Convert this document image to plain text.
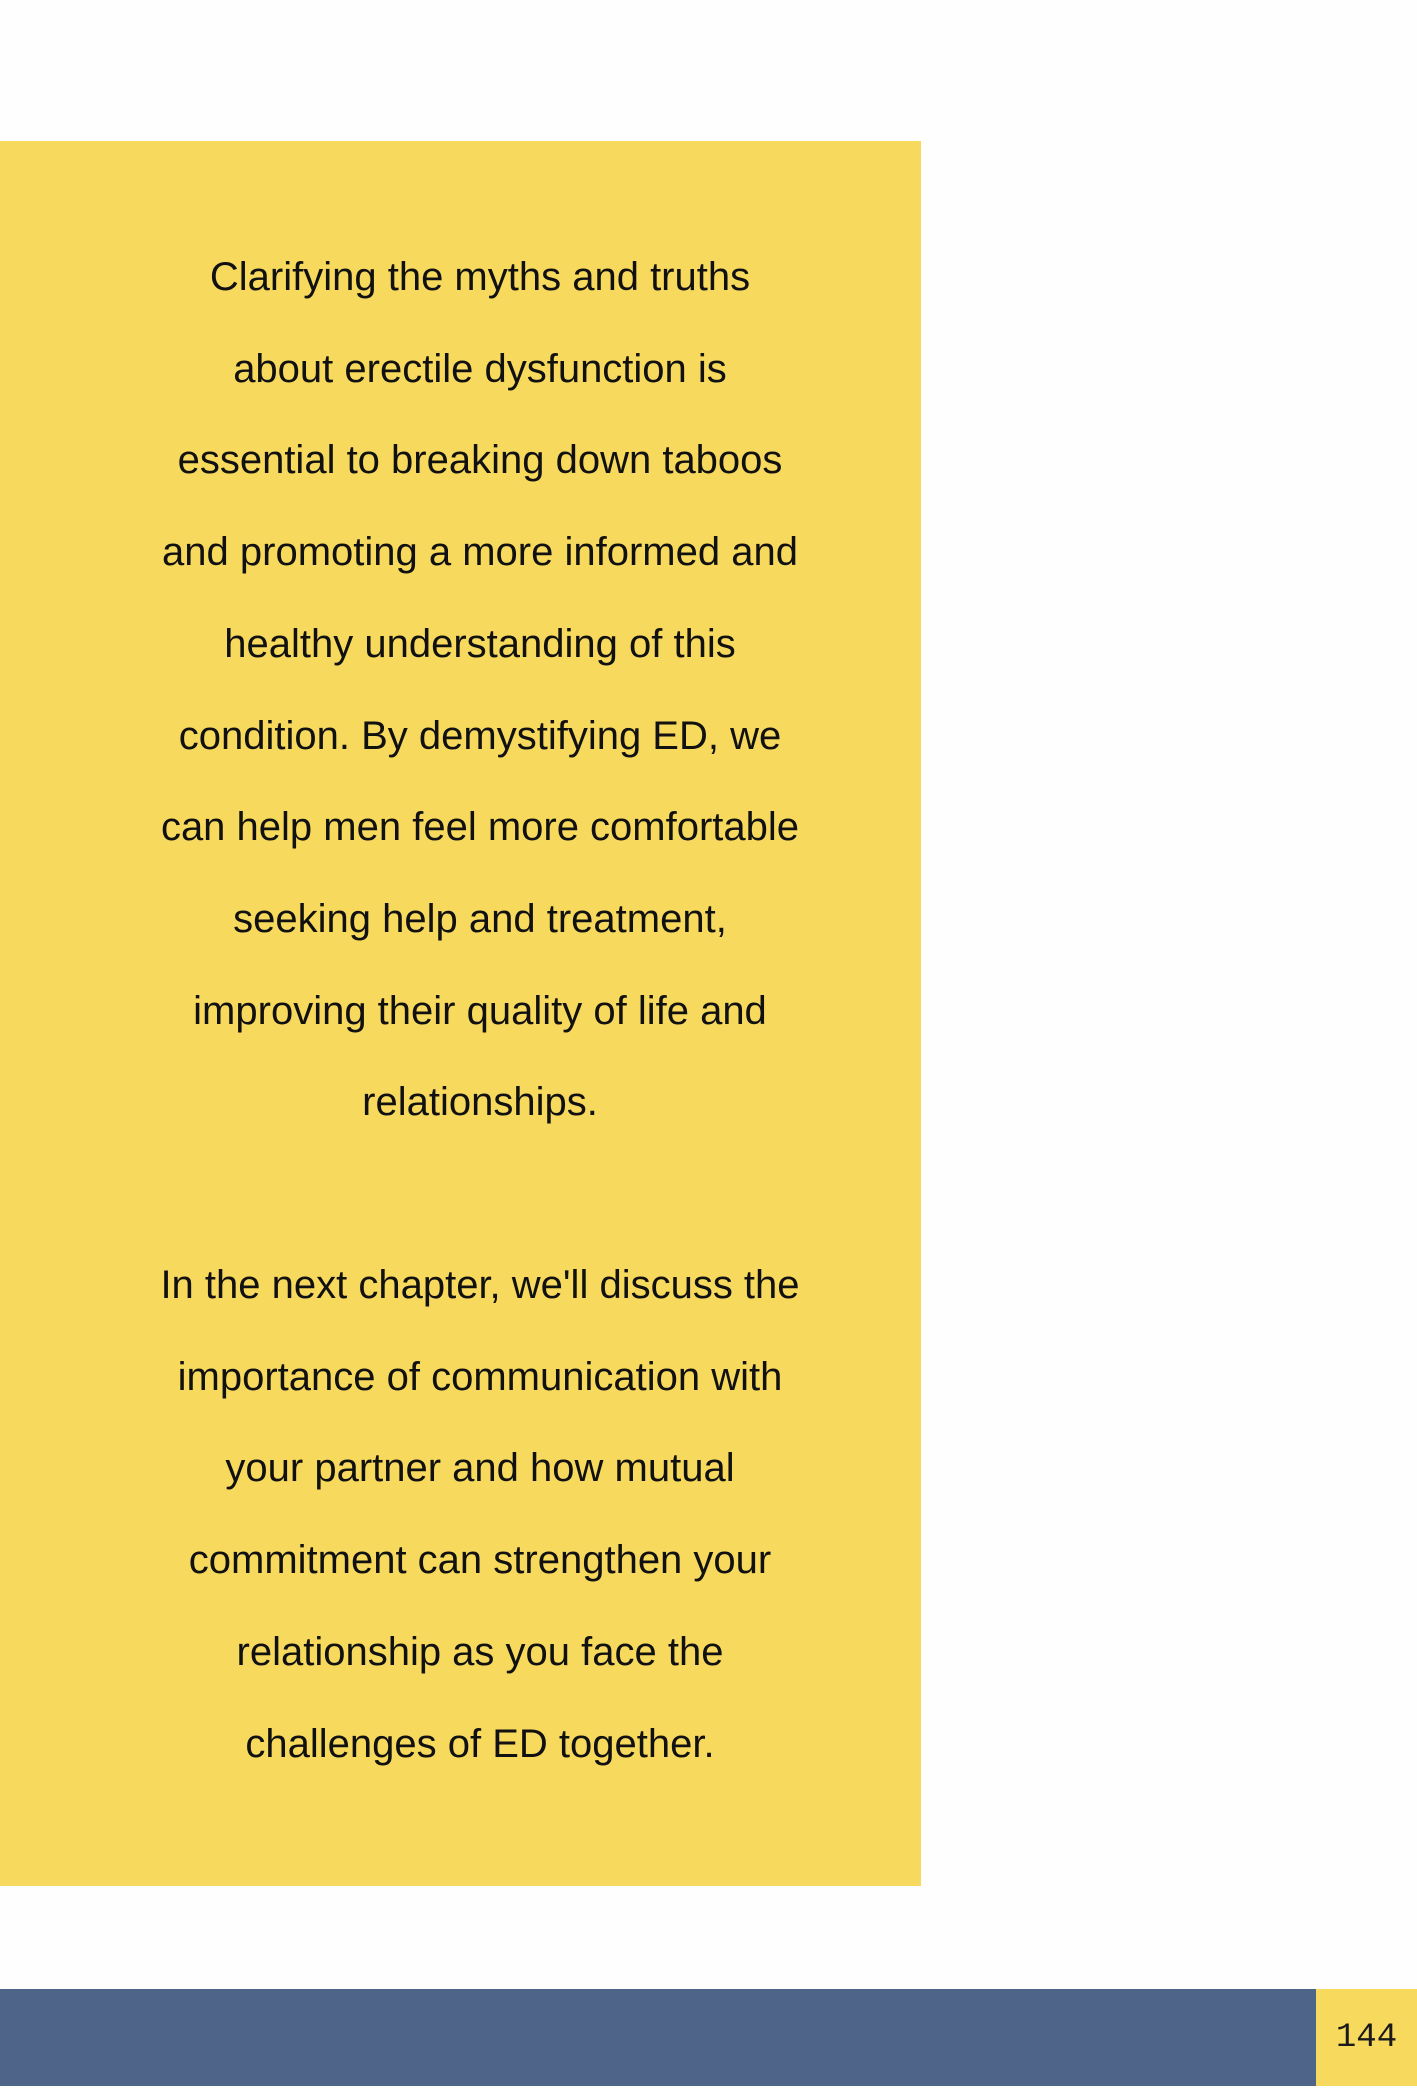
Clarifying the myths and truths
about erectile dysfunction is
essential to breaking down taboos
and promoting a more informed and
healthy understanding of this
condition. By demystifying ED, we
can help men feel more comfortable
seeking help and treatment,
improving their quality of life and
relationships.

In the next chapter, we'll discuss the
importance of communication with
your partner and how mutual
commitment can strengthen your
relationship as you face the
challenges of ED together.

144
